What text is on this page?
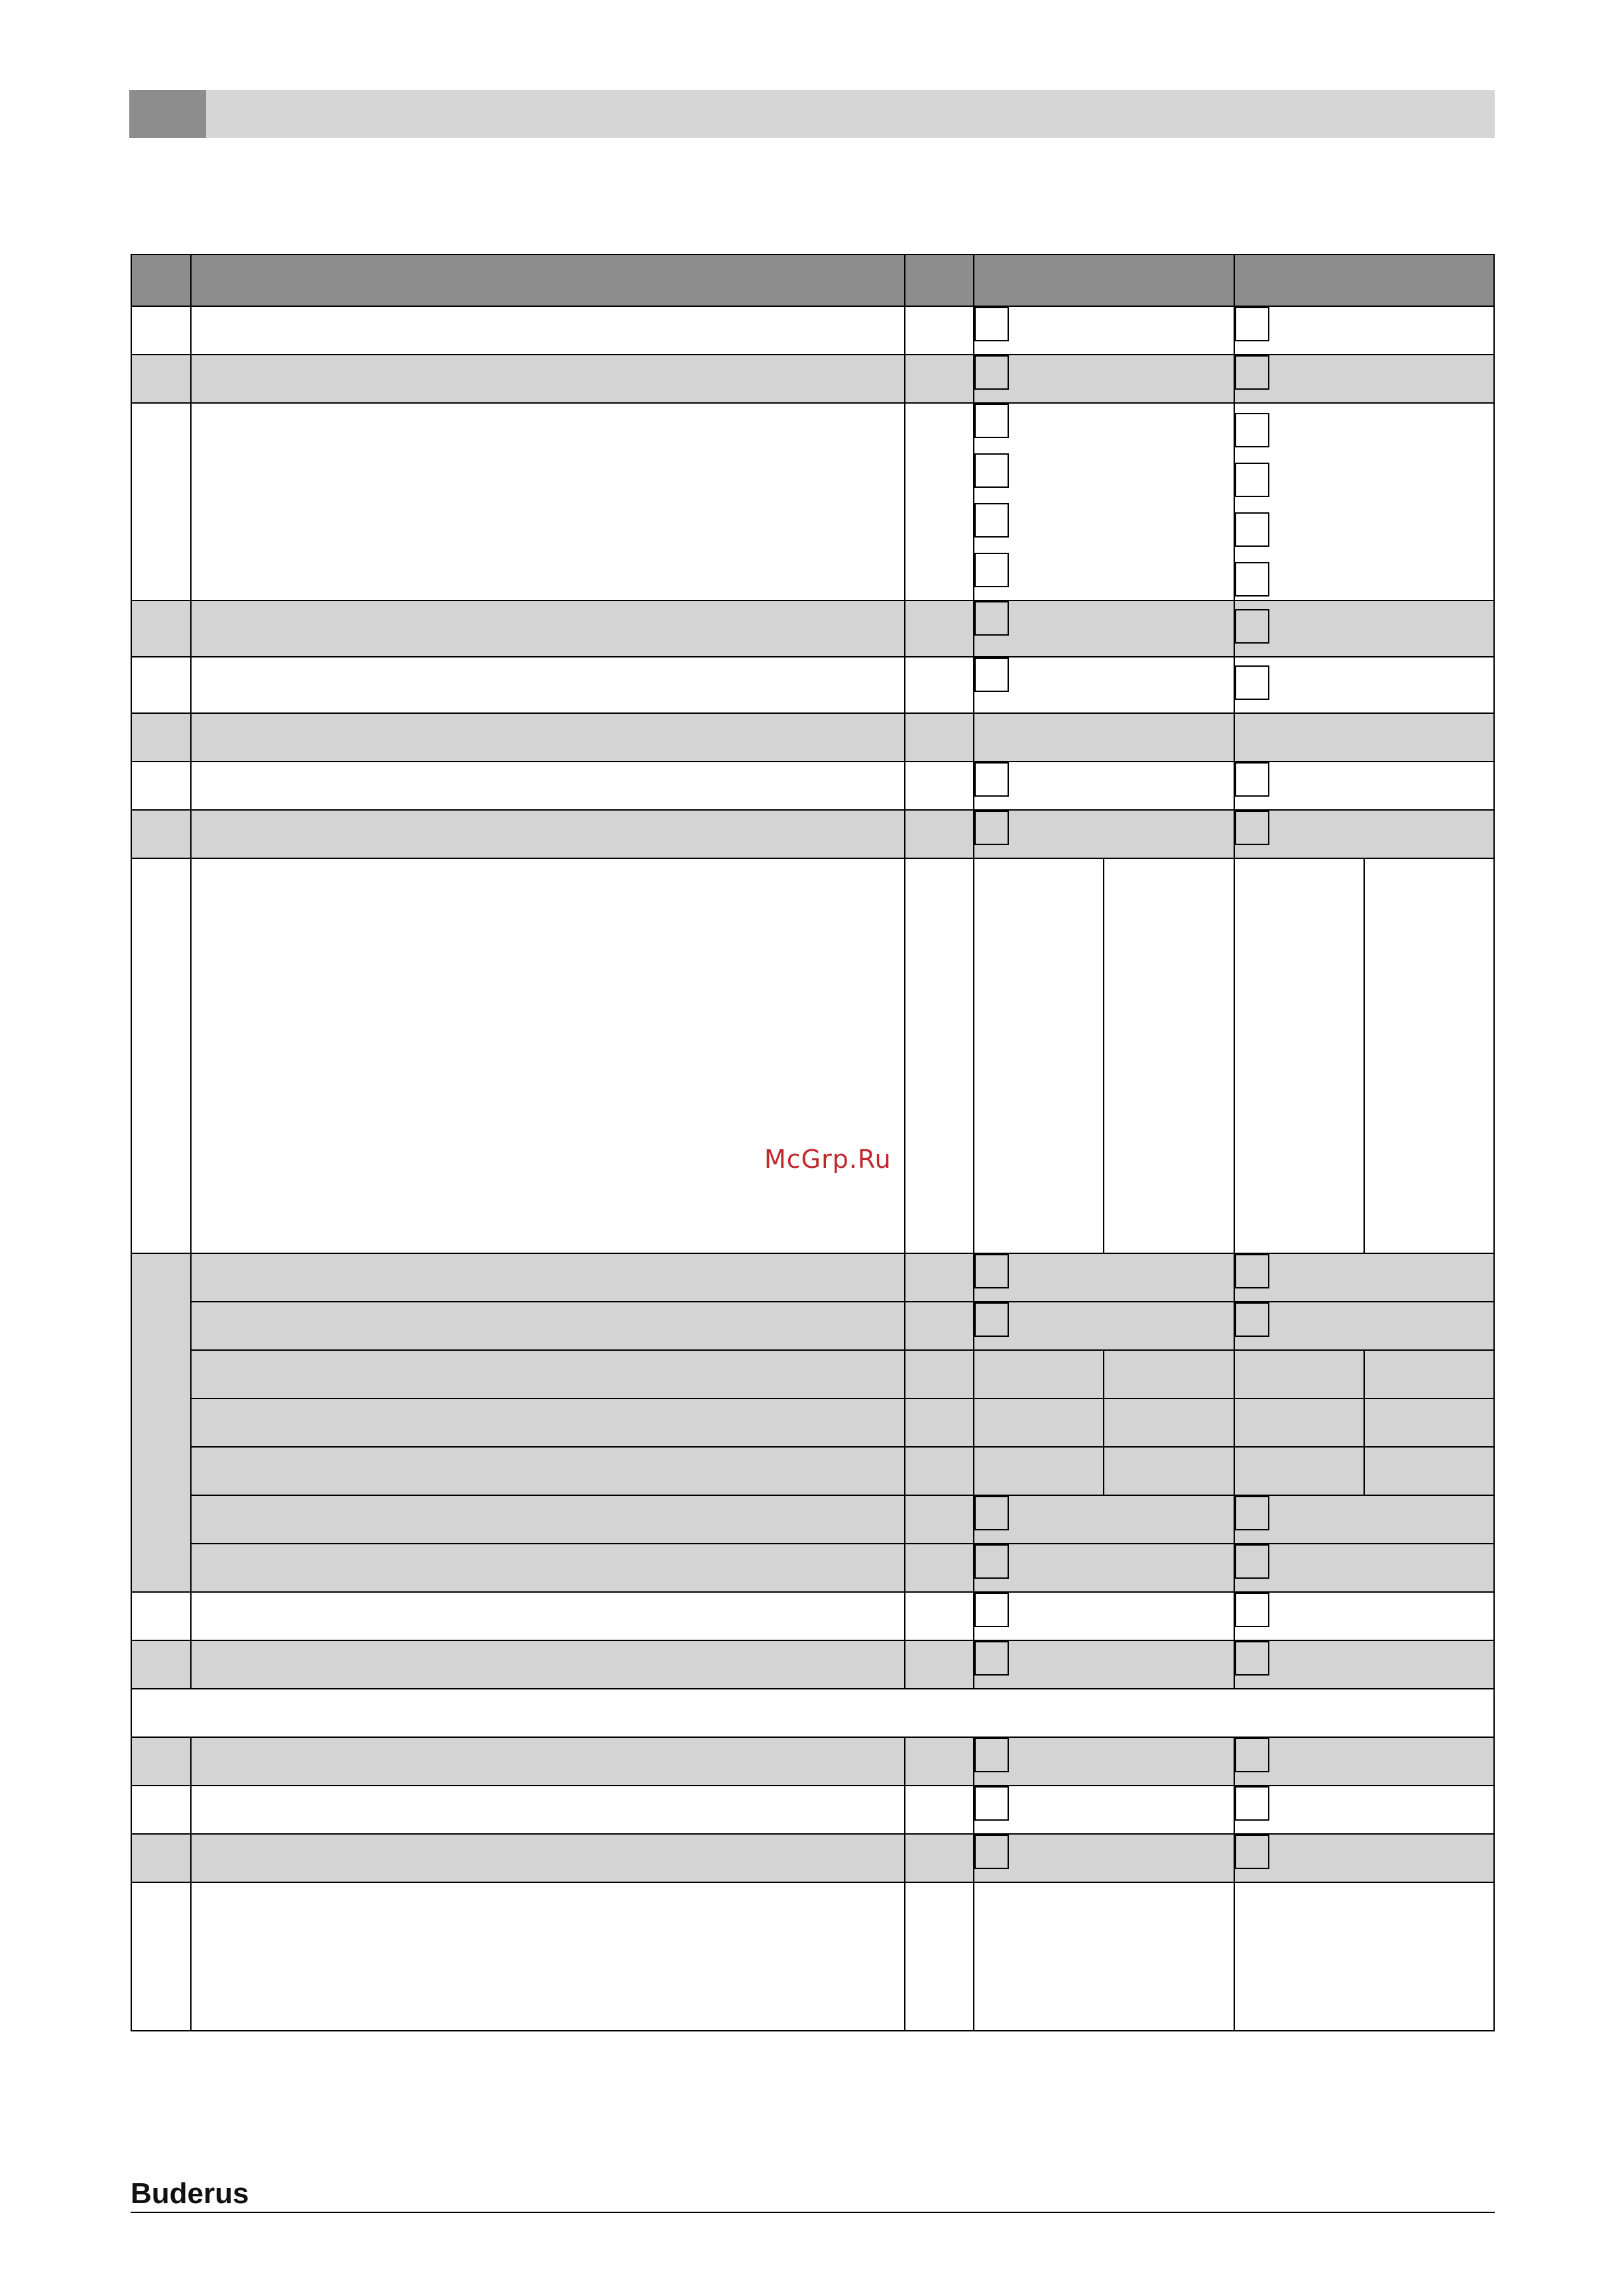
McGrp.Ru
Buderus
